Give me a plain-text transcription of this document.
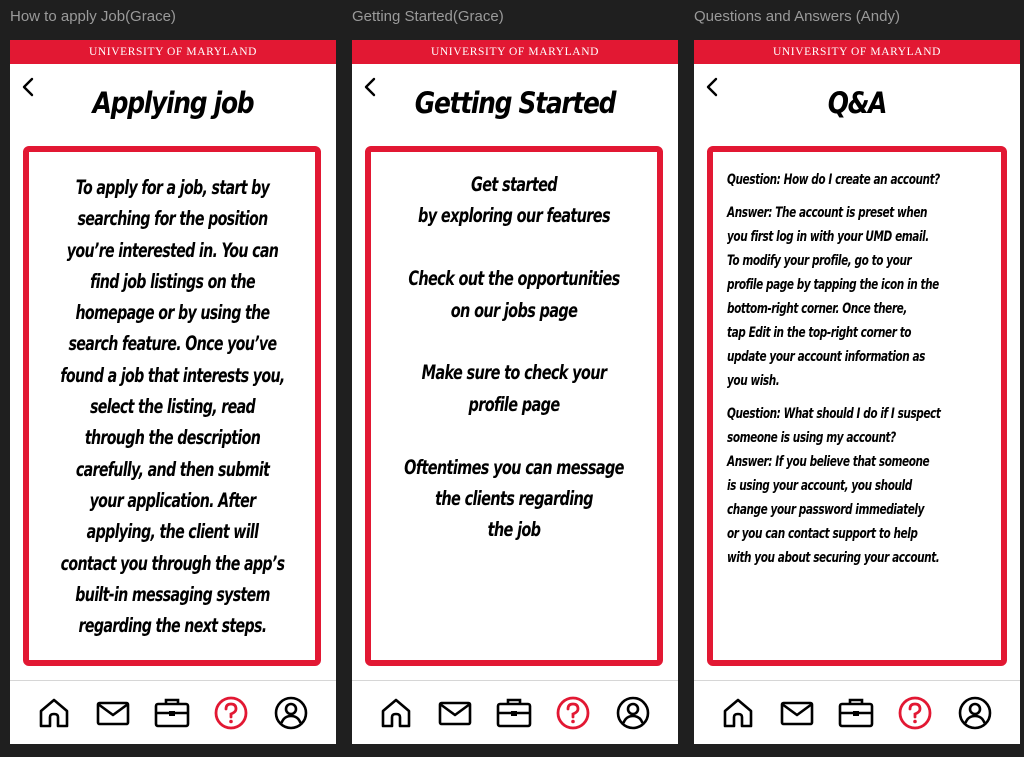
How to apply Job(Grace)
UNIVERSITY OF MARYLAND
Applying job
To apply for a job, start by
searching for the position
you’re interested in. You can
find job listings on the
homepage or by using the
search feature. Once you’ve
found a job that interests you,
select the listing, read
through the description
carefully, and then submit
your application. After
applying, the client will
contact you through the app’s
built-in messaging system
regarding the next steps.
Getting Started(Grace)
UNIVERSITY OF MARYLAND
Getting Started

Get started
by exploring our features

Check out the opportunities
on our jobs page

Make sure to check your
profile page

Oftentimes you can message
the clients regarding
the job

Questions and Answers (Andy)
UNIVERSITY OF MARYLAND
Q&A

Question: How do I create an account?

Answer: The account is preset when
you first log in with your UMD email.
To modify your profile, go to your
profile page by tapping the icon in the
bottom-right corner. Once there,
tap Edit in the top-right corner to
update your account information as
you wish.

Question: What should I do if I suspect
someone is using my account?

Answer: If you believe that someone
is using your account, you should
change your password immediately
or you can contact support to help
with you about securing your account.
